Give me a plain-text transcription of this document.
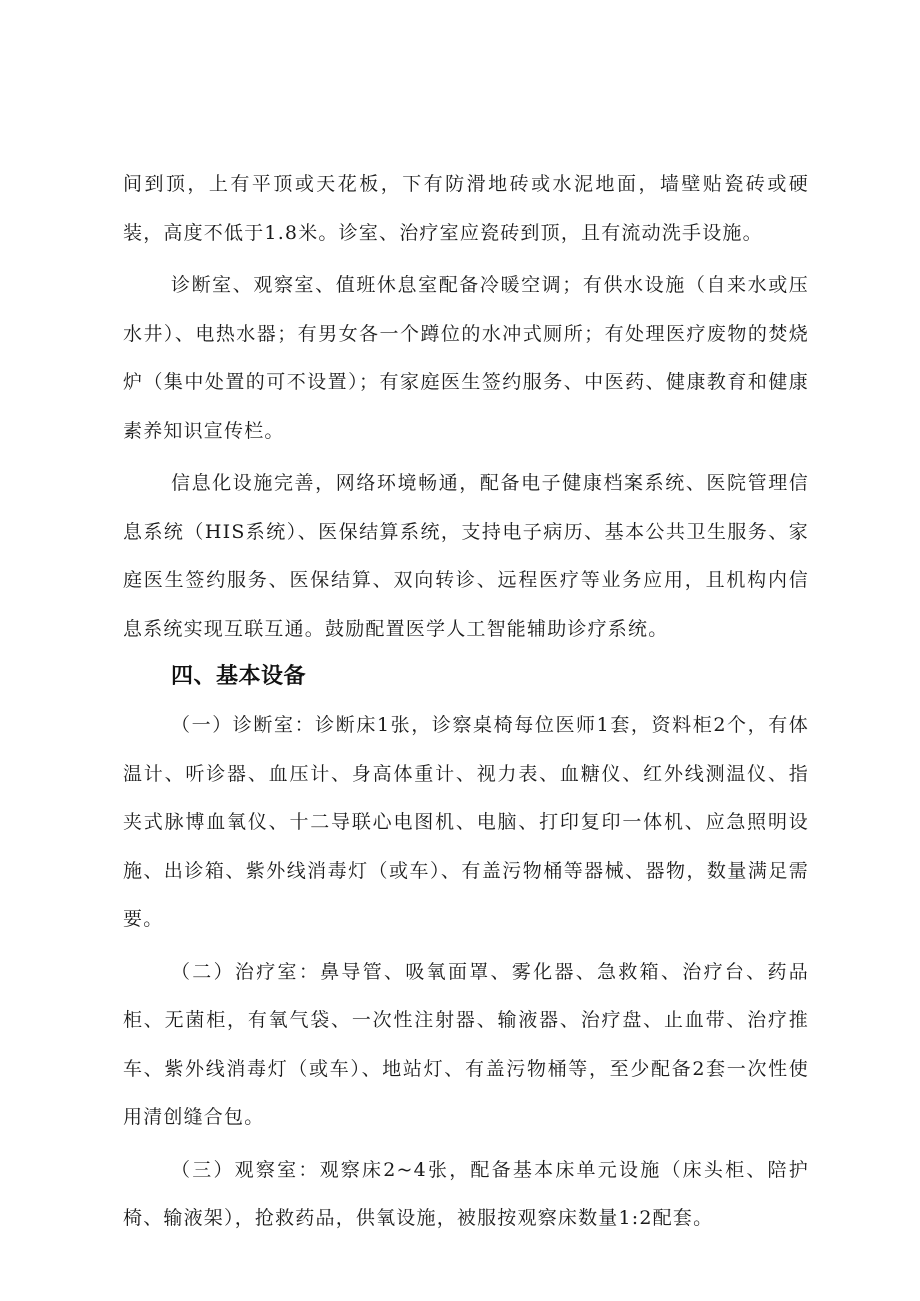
间到顶，上有平顶或天花板，下有防滑地砖或水泥地面，墙壁贴瓷砖或硬装，高度不低于1.8米。诊室、治疗室应瓷砖到顶，且有流动洗手设施。

诊断室、观察室、值班休息室配备冷暖空调；有供水设施（自来水或压水井）、电热水器；有男女各一个蹲位的水冲式厕所；有处理医疗废物的焚烧炉（集中处置的可不设置）；有家庭医生签约服务、中医药、健康教育和健康素养知识宣传栏。

信息化设施完善，网络环境畅通，配备电子健康档案系统、医院管理信息系统（HIS系统）、医保结算系统，支持电子病历、基本公共卫生服务、家庭医生签约服务、医保结算、双向转诊、远程医疗等业务应用，且机构内信息系统实现互联互通。鼓励配置医学人工智能辅助诊疗系统。

四、基本设备

（一）诊断室：诊断床1张，诊察桌椅每位医师1套，资料柜2个，有体温计、听诊器、血压计、身高体重计、视力表、血糖仪、红外线测温仪、指夹式脉博血氧仪、十二导联心电图机、电脑、打印复印一体机、应急照明设施、出诊箱、紫外线消毒灯（或车）、有盖污物桶等器械、器物，数量满足需要。

（二）治疗室：鼻导管、吸氧面罩、雾化器、急救箱、治疗台、药品柜、无菌柜，有氧气袋、一次性注射器、输液器、治疗盘、止血带、治疗推车、紫外线消毒灯（或车）、地站灯、有盖污物桶等，至少配备2套一次性使用清创缝合包。

（三）观察室：观察床2~4张，配备基本床单元设施（床头柜、陪护椅、输液架），抢救药品，供氧设施，被服按观察床数量1:2配套。
